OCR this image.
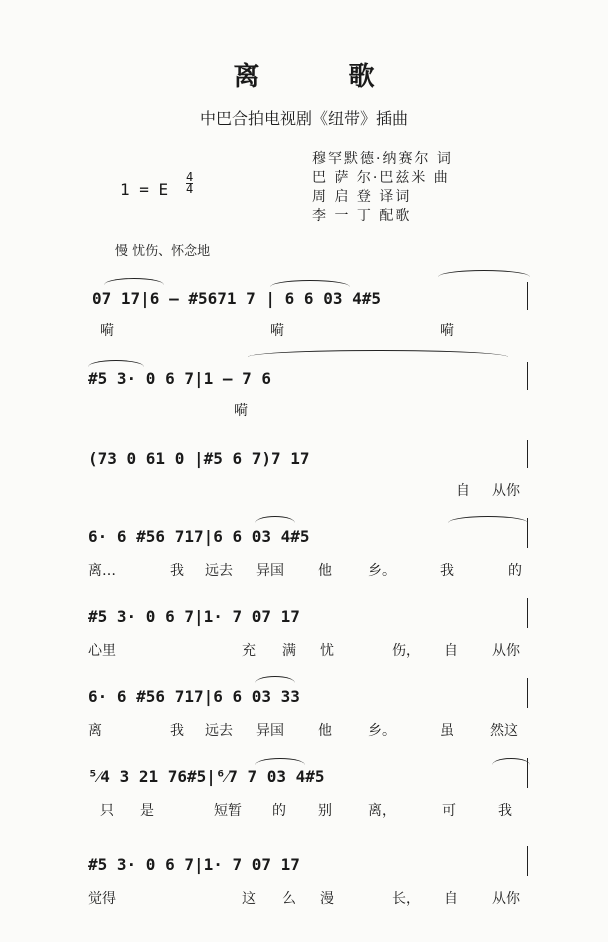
离 歌
中巴合拍电视剧《纽带》插曲
1 = E $\frac{4}{4}$
穆罕默德·纳赛尔 词
巴 萨 尔·巴兹米 曲
周 启 登 译词
李 一 丁 配歌
慢 忧伤、怀念地
07 17|6 — #5671 7 | 6 6 03 4#5
嗬	嗬	嗬
#5 3· 0 6 7|1 — 7 6
嗬
(73 0 61 0 |#5 6 7)7 17
自 从你
6· 6 #56 717|6 6 03 4#5
离…	我 远去 异国 他	乡。	我	的
#5 3· 0 6 7|1· 7 07 17
心里	充 满 忧	伤， 自 从你
6· 6 #56 717|6 6 03 33
离	我 远去 异国 他	乡。	虽	然这
⁵⁄4 3 21 76#5|⁶⁄7 7 03 4#5
只 是	短暂 的 别	离，	可	我
#5 3· 0 6 7|1· 7 07 17
觉得	这 么 漫	长， 自 从你
